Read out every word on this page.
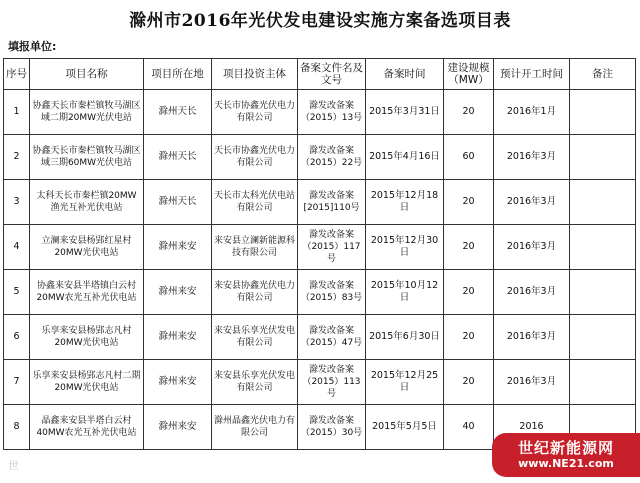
滁州市2016年光伏发电建设实施方案备选项目表
填报单位:
序号	项目名称	项目所在地	项目投资主体	备案文件名及文号	备案时间	建设规模（MW）	预计开工时间	备注
1	协鑫天长市秦栏镇牧马湖区域二期20MW光伏电站	滁州天长	天长市协鑫光伏电力有限公司	滁发改备案（2015）13号	2015年3月31日	20	2016年1月	
2	协鑫天长市秦栏镇牧马湖区域三期60MW光伏电站	滁州天长	天长市协鑫光伏电力有限公司	滁发改备案（2015）22号	2015年4月16日	60	2016年3月	
3	太科天长市秦栏镇20MW渔光互补光伏电站	滁州天长	天长市太科光伏电站有限公司	滁发改备案[2015]110号	2015年12月18日	20	2016年3月	
4	立澜来安县杨郢红星村20MW光伏电站	滁州来安	来安县立澜新能源科技有限公司	滁发改备案（2015）117号	2015年12月30日	20	2016年3月	
5	协鑫来安县半塔镇白云村20MW农光互补光伏电站	滁州来安	来安县协鑫光伏电力有限公司	滁发改备案（2015）83号	2015年10月12日	20	2016年3月	
6	乐享来安县杨郢志凡村20MW光伏电站	滁州来安	来安县乐享光伏发电有限公司	滁发改备案（2015）47号	2015年6月30日	20	2016年3月	
7	乐享来安县杨郢志凡村二期20MW光伏电站	滁州来安	来安县乐享光伏发电有限公司	滁发改备案（2015）113号	2015年12月25日	20	2016年3月	
8	晶鑫来安县半塔白云村40MW农光互补光伏电站	滁州来安	滁州晶鑫光伏电力有限公司	滁发改备案（2015）30号	2015年5月5日	40	2016	
世
世纪新能源网
www.NE21.com
